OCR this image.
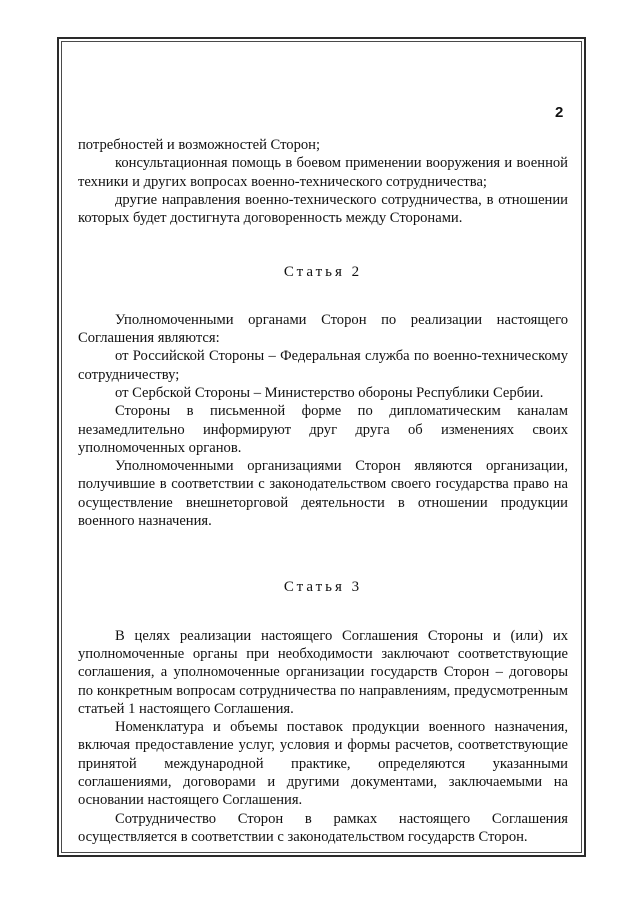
2

потребностей и возможностей Сторон;

консультационная помощь в боевом применении вооружения и военной техники и других вопросах военно-технического сотрудничества;

другие направления военно-технического сотрудничества, в отношении которых будет достигнута договоренность между Сторонами.

Статья 2

Уполномоченными органами Сторон по реализации настоящего Соглашения являются:

от Российской Стороны – Федеральная служба по военно-техническому сотрудничеству;

от Сербской Стороны – Министерство обороны Республики Сербии.

Стороны в письменной форме по дипломатическим каналам незамедлительно информируют друг друга об изменениях своих уполномоченных органов.

Уполномоченными организациями Сторон являются организации, получившие в соответствии с законодательством своего государства право на осуществление внешнеторговой деятельности в отношении продукции военного назначения.

Статья 3

В целях реализации настоящего Соглашения Стороны и (или) их уполномоченные органы при необходимости заключают соответствующие соглашения, а уполномоченные организации государств Сторон – договоры по конкретным вопросам сотрудничества по направлениям, предусмотренным статьей 1 настоящего Соглашения.

Номенклатура и объемы поставок продукции военного назначения, включая предоставление услуг, условия и формы расчетов, соответствующие принятой международной практике, определяются указанными соглашениями, договорами и другими документами, заключаемыми на основании настоящего Соглашения.

Сотрудничество Сторон в рамках настоящего Соглашения осуществляется в соответствии с законодательством государств Сторон.
